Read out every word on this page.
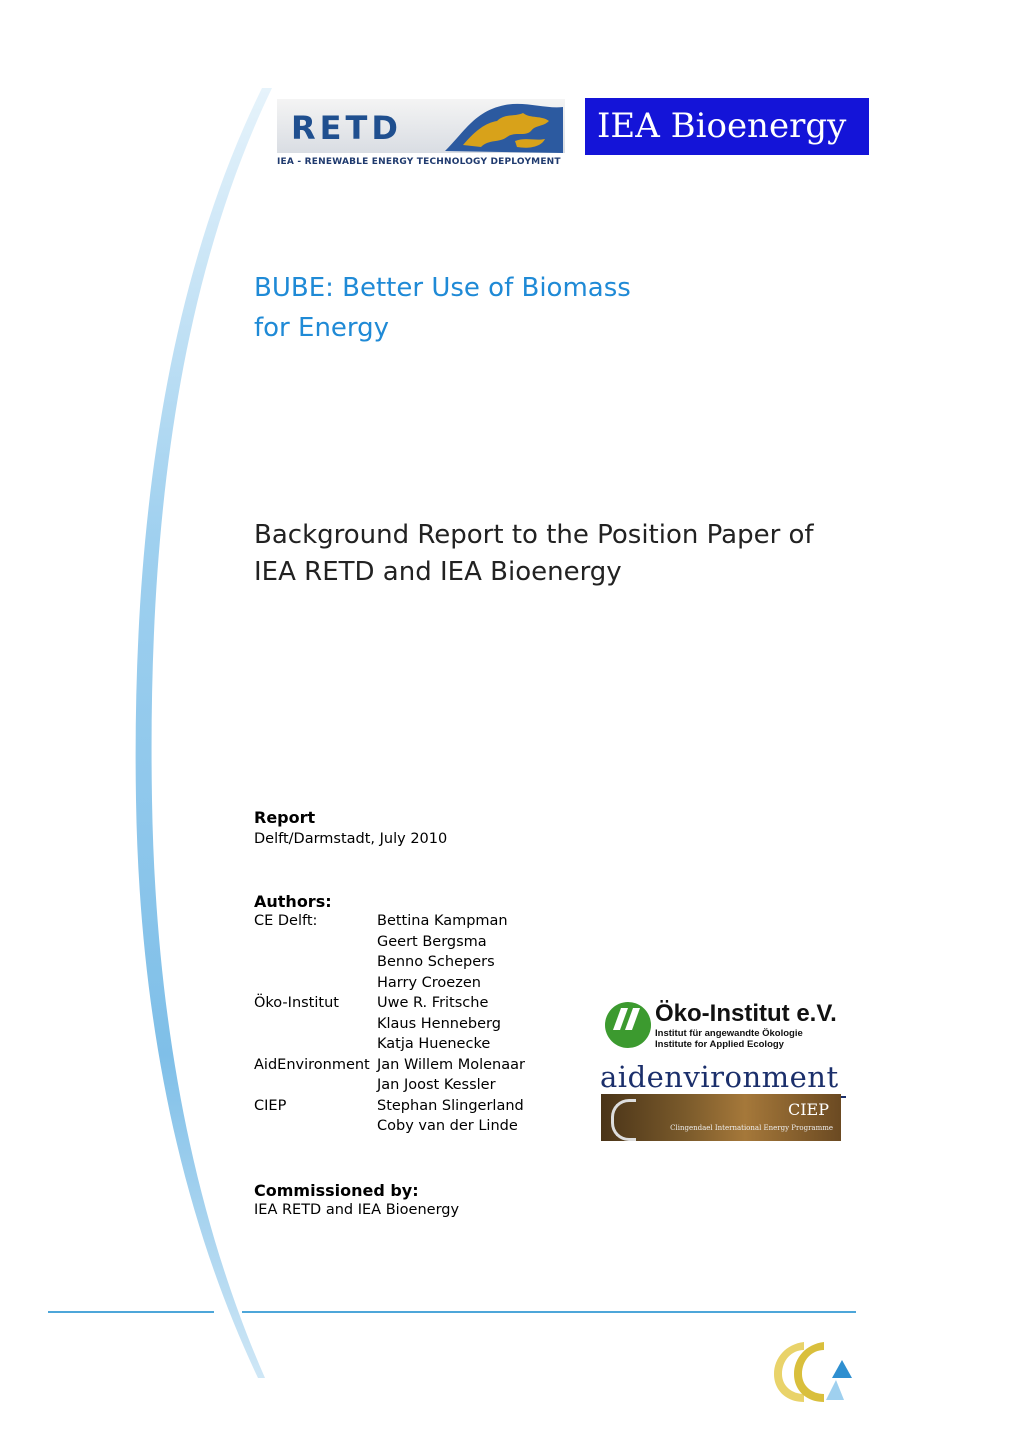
RETD
IEA - RENEWABLE ENERGY TECHNOLOGY DEPLOYMENT
IEA Bioenergy
BUBE: Better Use of Biomass
for Energy
Background Report to the Position Paper of
IEA RETD and IEA Bioenergy
Report
Delft/Darmstadt, July 2010
Authors:
CE Delft:	Bettina Kampman
	Geert Bergsma
	Benno Schepers
	Harry Croezen
Öko-Institut	Uwe R. Fritsche
	Klaus Henneberg
	Katja Huenecke
AidEnvironment	Jan Willem Molenaar
	Jan Joost Kessler
CIEP	Stephan Slingerland
	Coby van der Linde
Commissioned by:
IEA RETD and IEA Bioenergy
Öko-Institut e.V.
Institut für angewandte Ökologie
Institute for Applied Ecology
aidenvironment
CIEP
Clingendael International Energy Programme
